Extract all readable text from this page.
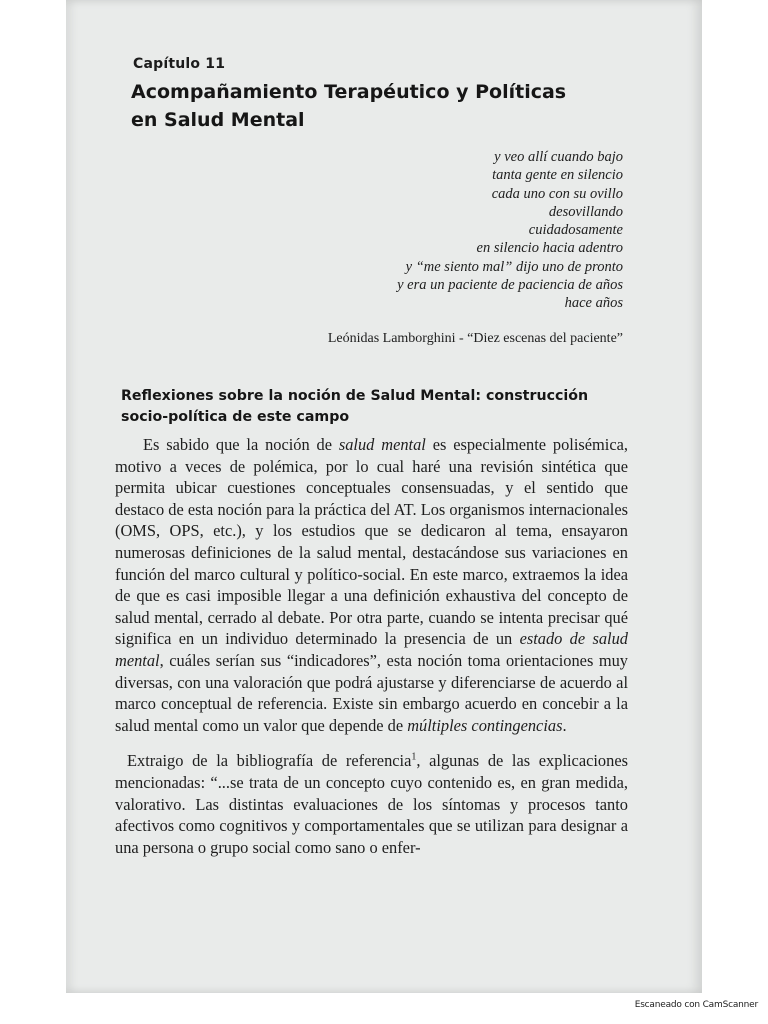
Capítulo 11
Acompañamiento Terapéutico y Políticas en Salud Mental
y veo allí cuando bajo
tanta gente en silencio
cada uno con su ovillo
desovillando
cuidadosamente
en silencio hacia adentro
y “me siento mal” dijo uno de pronto
y era un paciente de paciencia de años
hace años
Leónidas Lamborghini - “Diez escenas del paciente”
Reflexiones sobre la noción de Salud Mental: construcción socio-política de este campo

Es sabido que la noción de salud mental es especialmente polisémica, motivo a veces de polémica, por lo cual haré una revisión sintética que permita ubicar cuestiones conceptuales consensuadas, y el sentido que destaco de esta noción para la práctica del AT. Los organismos internacionales (OMS, OPS, etc.), y los estudios que se dedicaron al tema, ensayaron numerosas definiciones de la salud mental, destacándose sus variaciones en función del marco cultural y político-social. En este marco, extraemos la idea de que es casi imposible llegar a una definición exhaustiva del concepto de salud mental, cerrado al debate. Por otra parte, cuando se intenta precisar qué significa en un individuo determinado la presencia de un estado de salud mental, cuáles serían sus “indicadores”, esta noción toma orientaciones muy diversas, con una valoración que podrá ajustarse y diferenciarse de acuerdo al marco conceptual de referencia. Existe sin embargo acuerdo en concebir a la salud mental como un valor que depende de múltiples contingencias.

Extraigo de la bibliografía de referencia$^1$, algunas de las explicaciones mencionadas: “...se trata de un concepto cuyo contenido es, en gran medida, valorativo. Las distintas evaluaciones de los síntomas y procesos tanto afectivos como cognitivos y comportamentales que se utilizan para designar a una persona o grupo social como sano o enfer-

Escaneado con CamScanner
